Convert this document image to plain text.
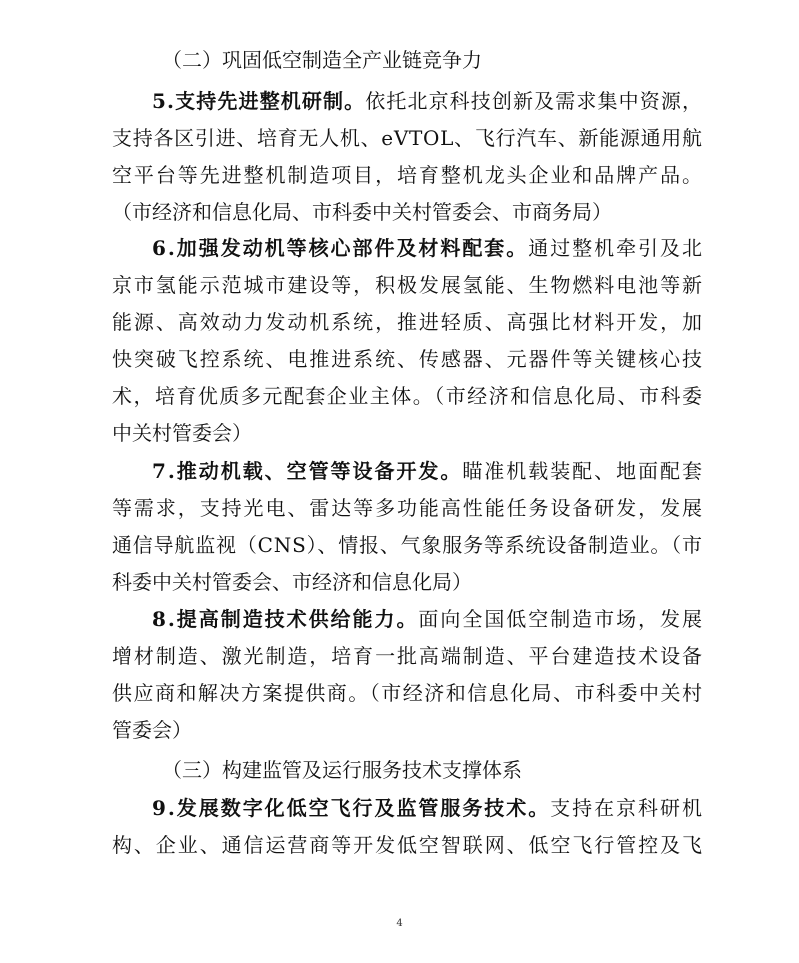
（二）巩固低空制造全产业链竞争力
5.支持先进整机研制。依托北京科技创新及需求集中资源，
支持各区引进、培育无人机、eVTOL、飞行汽车、新能源通用航
空平台等先进整机制造项目，培育整机龙头企业和品牌产品。
（市经济和信息化局、市科委中关村管委会、市商务局）
6.加强发动机等核心部件及材料配套。通过整机牵引及北
京市氢能示范城市建设等，积极发展氢能、生物燃料电池等新
能源、高效动力发动机系统，推进轻质、高强比材料开发，加
快突破飞控系统、电推进系统、传感器、元器件等关键核心技
术，培育优质多元配套企业主体。（市经济和信息化局、市科委
中关村管委会）
7.推动机载、空管等设备开发。瞄准机载装配、地面配套
等需求，支持光电、雷达等多功能高性能任务设备研发，发展
通信导航监视（CNS）、情报、气象服务等系统设备制造业。（市
科委中关村管委会、市经济和信息化局）
8.提高制造技术供给能力。面向全国低空制造市场，发展
增材制造、激光制造，培育一批高端制造、平台建造技术设备
供应商和解决方案提供商。（市经济和信息化局、市科委中关村
管委会）
（三）构建监管及运行服务技术支撑体系
9.发展数字化低空飞行及监管服务技术。支持在京科研机
构、企业、通信运营商等开发低空智联网、低空飞行管控及飞
4
